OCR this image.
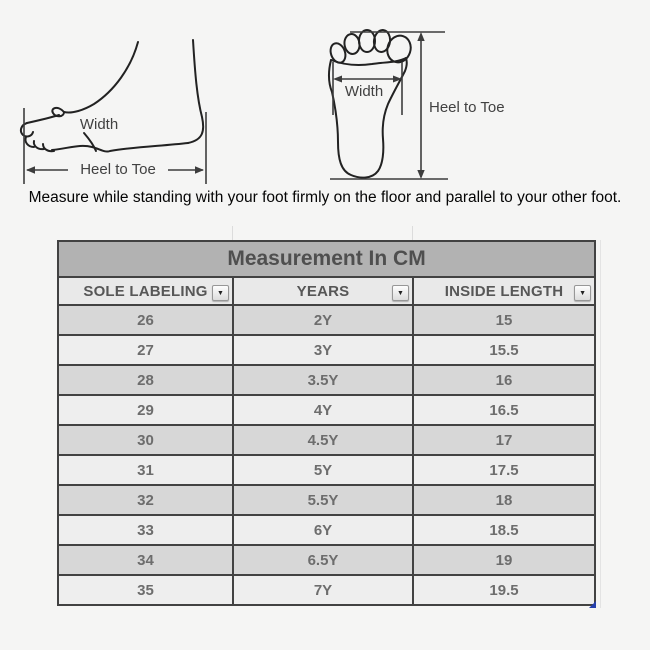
Width
Heel to Toe
Width
Heel to Toe
Measure while standing with your foot firmly on the floor and parallel to your other foot.
Measurement In CM		
SOLE LABELING ▼	YEARS ▼	INSIDE LENGTH ▼

26	2Y	15
27	3Y	15.5
28	3.5Y	16
29	4Y	16.5
30	4.5Y	17
31	5Y	17.5
32	5.5Y	18
33	6Y	18.5
34	6.5Y	19
35	7Y	19.5
